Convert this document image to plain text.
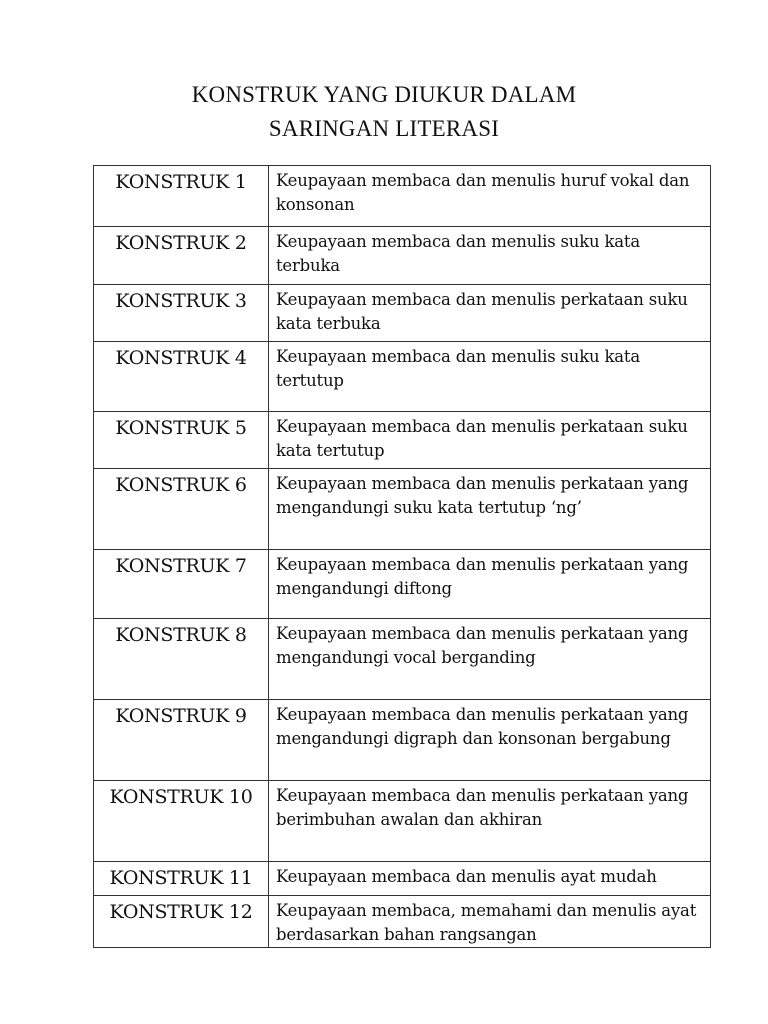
KONSTRUK YANG DIUKUR DALAM
SARINGAN LITERASI
KONSTRUK 1	Keupayaan membaca dan menulis huruf vokal dan konsonan
KONSTRUK 2	Keupayaan membaca dan menulis suku kata terbuka
KONSTRUK 3	Keupayaan membaca dan menulis perkataan suku kata terbuka
KONSTRUK 4	Keupayaan membaca dan menulis suku kata tertutup
KONSTRUK 5	Keupayaan membaca dan menulis perkataan suku kata tertutup
KONSTRUK 6	Keupayaan membaca dan menulis perkataan yang mengandungi suku kata tertutup ‘ng’
KONSTRUK 7	Keupayaan membaca dan menulis perkataan yang mengandungi diftong
KONSTRUK 8	Keupayaan membaca dan menulis perkataan yang mengandungi vocal berganding
KONSTRUK 9	Keupayaan membaca dan menulis perkataan yang mengandungi digraph dan konsonan bergabung
KONSTRUK 10	Keupayaan membaca dan menulis perkataan yang berimbuhan awalan dan akhiran
KONSTRUK 11	Keupayaan membaca dan menulis ayat mudah
KONSTRUK 12	Keupayaan membaca, memahami dan menulis ayat berdasarkan bahan rangsangan
